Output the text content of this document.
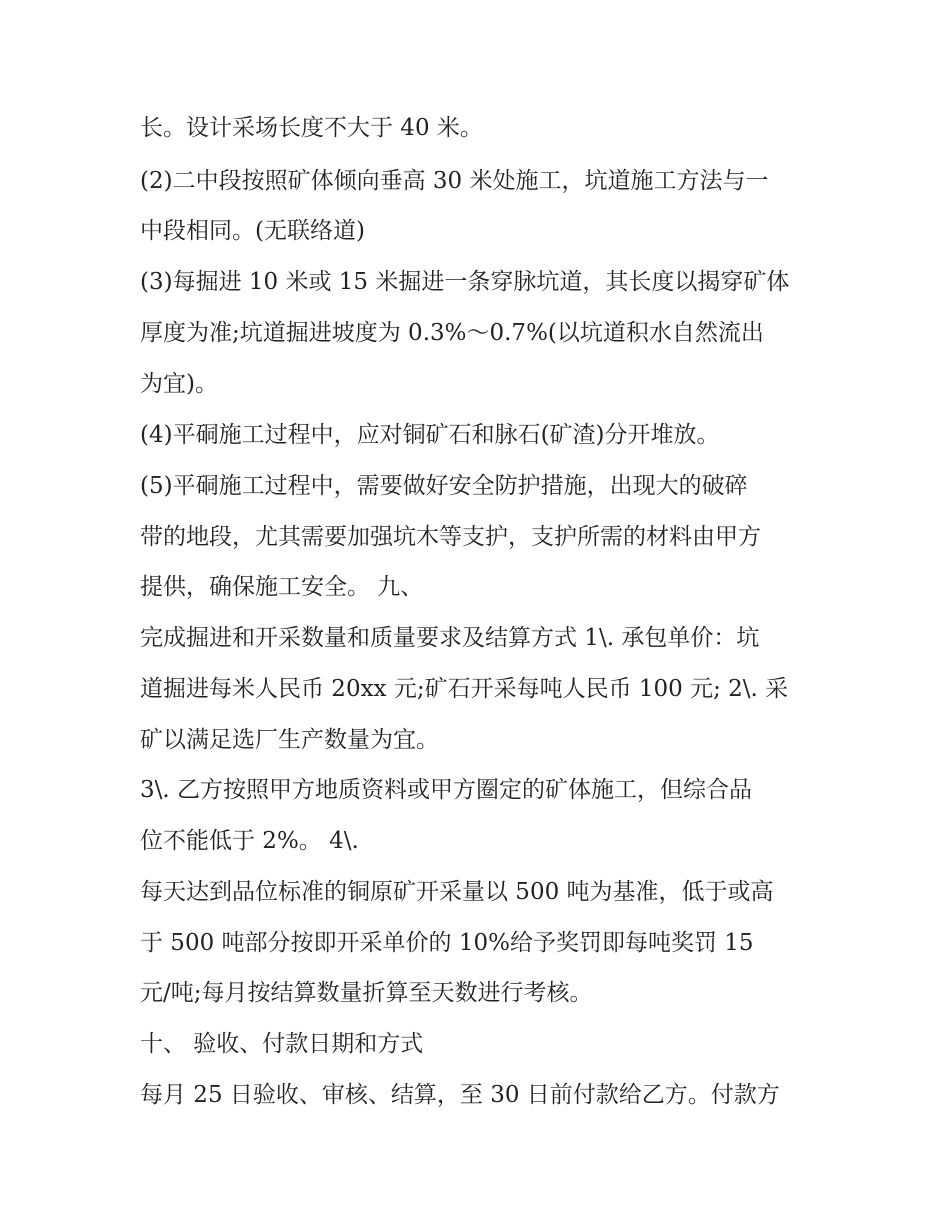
长。设计采场长度不大于 40 米。
(2)二中段按照矿体倾向垂高 30 米处施工，坑道施工方法与一
中段相同。(无联络道)
(3)每掘进 10 米或 15 米掘进一条穿脉坑道，其长度以揭穿矿体
厚度为准;坑道掘进坡度为 0.3%～0.7%(以坑道积水自然流出
为宜)。
(4)平硐施工过程中，应对铜矿石和脉石(矿渣)分开堆放。
(5)平硐施工过程中，需要做好安全防护措施，出现大的破碎
带的地段，尤其需要加强坑木等支护，支护所需的材料由甲方
提供，确保施工安全。 九、
完成掘进和开采数量和质量要求及结算方式 1\. 承包单价：坑
道掘进每米人民币 20xx 元;矿石开采每吨人民币 100 元; 2\. 采
矿以满足选厂生产数量为宜。
3\. 乙方按照甲方地质资料或甲方圈定的矿体施工，但综合品
位不能低于 2%。 4\.
每天达到品位标准的铜原矿开采量以 500 吨为基准，低于或高
于 500 吨部分按即开采单价的 10%给予奖罚即每吨奖罚 15
元/吨;每月按结算数量折算至天数进行考核。
十、 验收、付款日期和方式
每月 25 日验收、审核、结算，至 30 日前付款给乙方。付款方
